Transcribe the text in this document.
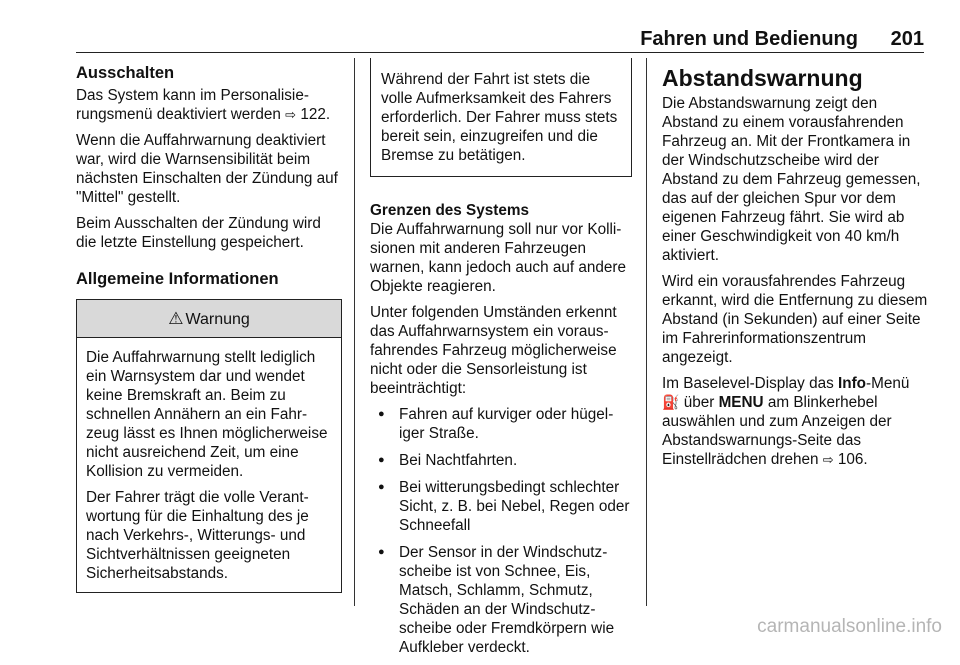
Fahren und Bedienung 201
Ausschalten

Das System kann im Personalisierungsmenü deaktiviert werden ⇨ 122.

Wenn die Auffahrwarnung deaktiviert war, wird die Warnsensibilität beim nächsten Einschalten der Zündung auf "Mittel" gestellt.

Beim Ausschalten der Zündung wird die letzte Einstellung gespeichert.

Allgemeine Informationen
⚠ Warnung

Die Auffahrwarnung stellt lediglich ein Warnsystem dar und wendet keine Bremskraft an. Beim zu schnellen Annähern an ein Fahrzeug lässt es Ihnen möglicherweise nicht ausreichend Zeit, um eine Kollision zu vermeiden.

Der Fahrer trägt die volle Verantwortung für die Einhaltung des je nach Verkehrs-, Witterungs- und Sichtverhältnissen geeigneten Sicherheitsabstands.

Während der Fahrt ist stets die volle Aufmerksamkeit des Fahrers erforderlich. Der Fahrer muss stets bereit sein, einzugreifen und die Bremse zu betätigen.

Grenzen des Systems

Die Auffahrwarnung soll nur vor Kollisionen mit anderen Fahrzeugen warnen, kann jedoch auch auf andere Objekte reagieren.

Unter folgenden Umständen erkennt das Auffahrwarnsystem ein vorausfahrendes Fahrzeug möglicherweise nicht oder die Sensorleistung ist beeinträchtigt:

● Fahren auf kurviger oder hügeliger Straße.
● Bei Nachtfahrten.
● Bei witterungsbedingt schlechter Sicht, z. B. bei Nebel, Regen oder Schneefall
● Der Sensor in der Windschutzscheibe ist von Schnee, Eis, Matsch, Schlamm, Schmutz, Schäden an der Windschutzscheibe oder Fremdkörpern wie Aufkleber verdeckt.
Abstandswarnung

Die Abstandswarnung zeigt den Abstand zu einem vorausfahrenden Fahrzeug an. Mit der Frontkamera in der Windschutzscheibe wird der Abstand zu dem Fahrzeug gemessen, das auf der gleichen Spur vor dem eigenen Fahrzeug fährt. Sie wird ab einer Geschwindigkeit von 40 km/h aktiviert.

Wird ein vorausfahrendes Fahrzeug erkannt, wird die Entfernung zu diesem Abstand (in Sekunden) auf einer Seite im Fahrerinformationszentrum angezeigt.

Im Baselevel-Display das Info-Menü ⛽ über MENU am Blinkerhebel auswählen und zum Anzeigen der Abstandswarnungs-Seite das Einstellrädchen drehen ⇨ 106.

carmanualsonline.info
